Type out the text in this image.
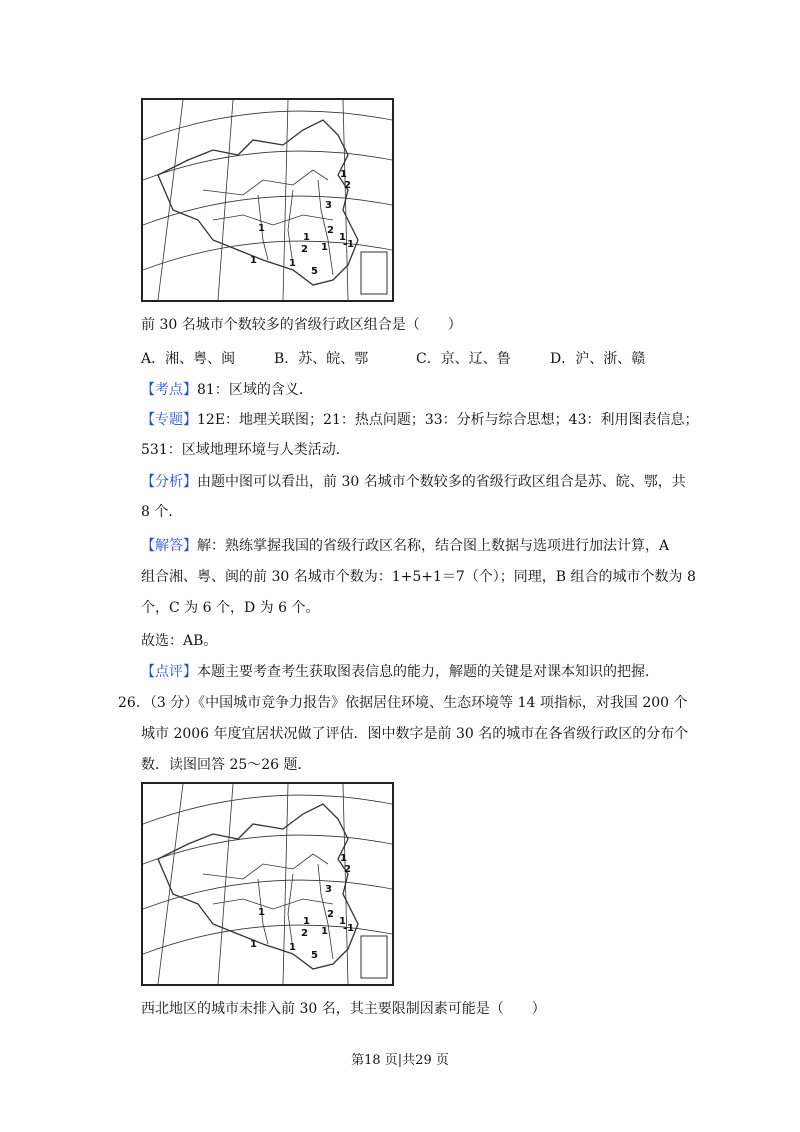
1
2
3
2
1
1
1
2 1
5
1
1
-1
前 30 名城市个数较多的省级行政区组合是（　　）
A．湘、粤、闽	B．苏、皖、鄂	C．京、辽、鲁	D．沪、浙、赣
【考点】81：区域的含义．
【专题】12E：地理关联图；21：热点问题；33：分析与综合思想；43：利用图表信息；
531：区域地理环境与人类活动．
【分析】由题中图可以看出，前 30 名城市个数较多的省级行政区组合是苏、皖、鄂，共
8 个．
【解答】解：熟练掌握我国的省级行政区名称，结合图上数据与选项进行加法计算，A
组合湘、粤、闽的前 30 名城市个数为：1+5+1＝7（个）；同理，B 组合的城市个数为 8
个，C 为 6 个，D 为 6 个。
故选：AB。
【点评】本题主要考查考生获取图表信息的能力，解题的关键是对课本知识的把握．
26．（3 分）《中国城市竞争力报告》依据居住环境、生态环境等 14 项指标，对我国 200 个
城市 2006 年度宜居状况做了评估．图中数字是前 30 名的城市在各省级行政区的分布个
数．读图回答 25～26 题．
1
2
3
2
1
1
1
2 1
5
1
1
-1
西北地区的城市未排入前 30 名，其主要限制因素可能是（　　）
第18 页|共29 页
